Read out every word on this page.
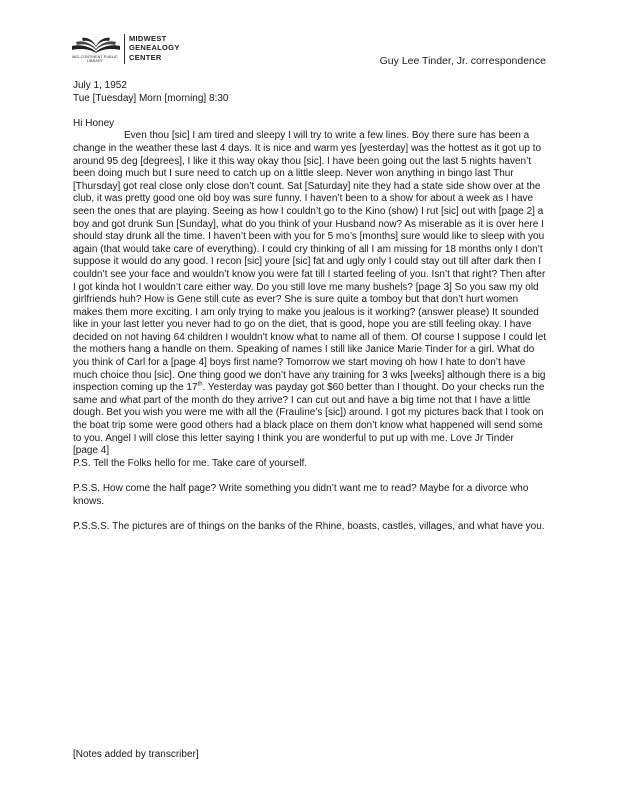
MID-CONTINENT PUBLIC LIBRARY
MIDWEST
GENEALOGY
CENTER	Guy Lee Tinder, Jr. correspondence

July 1, 1952

Tue [Tuesday] Morn [morning] 8:30

Hi Honey

Even thou [sic] I am tired and sleepy I will try to write a few lines. Boy there sure has been a change in the weather these last 4 days. It is nice and warm yes [yesterday] was the hottest as it got up to around 95 deg [degrees], I like it this way okay thou [sic]. I have been going out the last 5 nights haven’t been doing much but I sure need to catch up on a little sleep. Never won anything in bingo last Thur [Thursday] got real close only close don’t count. Sat [Saturday] nite they had a state side show over at the club, it was pretty good one old boy was sure funny. I haven’t been to a show for about a week as I have seen the ones that are playing. Seeing as how I couldn’t go to the Kino (show) I rut [sic] out with [page 2] a boy and got drunk Sun [Sunday], what do you think of your Husband now? As miserable as it is over here I should stay drunk all the time. I haven’t been with you for 5 mo’s [months] sure would like to sleep with you again (that would take care of everything). I could cry thinking of all I am missing for 18 months only I don’t suppose it would do any good. I recon [sic] youre [sic] fat and ugly only I could stay out till after dark then I couldn’t see your face and wouldn’t know you were fat till I started feeling of you. Isn’t that right? Then after I got kinda hot I wouldn’t care either way. Do you still love me many bushels? [page 3] So you saw my old girlfriends huh? How is Gene still cute as ever? She is sure quite a tomboy but that don’t hurt women makes them more exciting. I am only trying to make you jealous is it working? (answer please) It sounded like in your last letter you never had to go on the diet, that is good, hope you are still feeling okay. I have decided on not having 64 children I wouldn’t know what to name all of them. Of course I suppose I could let the mothers hang a handle on them. Speaking of names I still like Janice Marie Tinder for a girl. What do you think of Carl for a [page 4] boys first name? Tomorrow we start moving oh how I hate to don’t have much choice thou [sic]. One thing good we don’t have any training for 3 wks [weeks] although there is a big inspection coming up the 17th. Yesterday was payday got $60 better than I thought. Do your checks run the same and what part of the month do they arrive? I can cut out and have a big time not that I have a little dough. Bet you wish you were me with all the (Frauline’s [sic]) around. I got my pictures back that I took on the boat trip some were good others had a black place on them don’t know what happened will send some to you. Angel I will close this letter saying I think you are wonderful to put up with me. Love Jr Tinder

[page 4]

P.S. Tell the Folks hello for me. Take care of yourself.

P.S.S. How come the half page? Write something you didn’t want me to read? Maybe for a divorce who knows.

P.S.S.S. The pictures are of things on the banks of the Rhine, boasts, castles, villages, and what have you.

[Notes added by transcriber]
